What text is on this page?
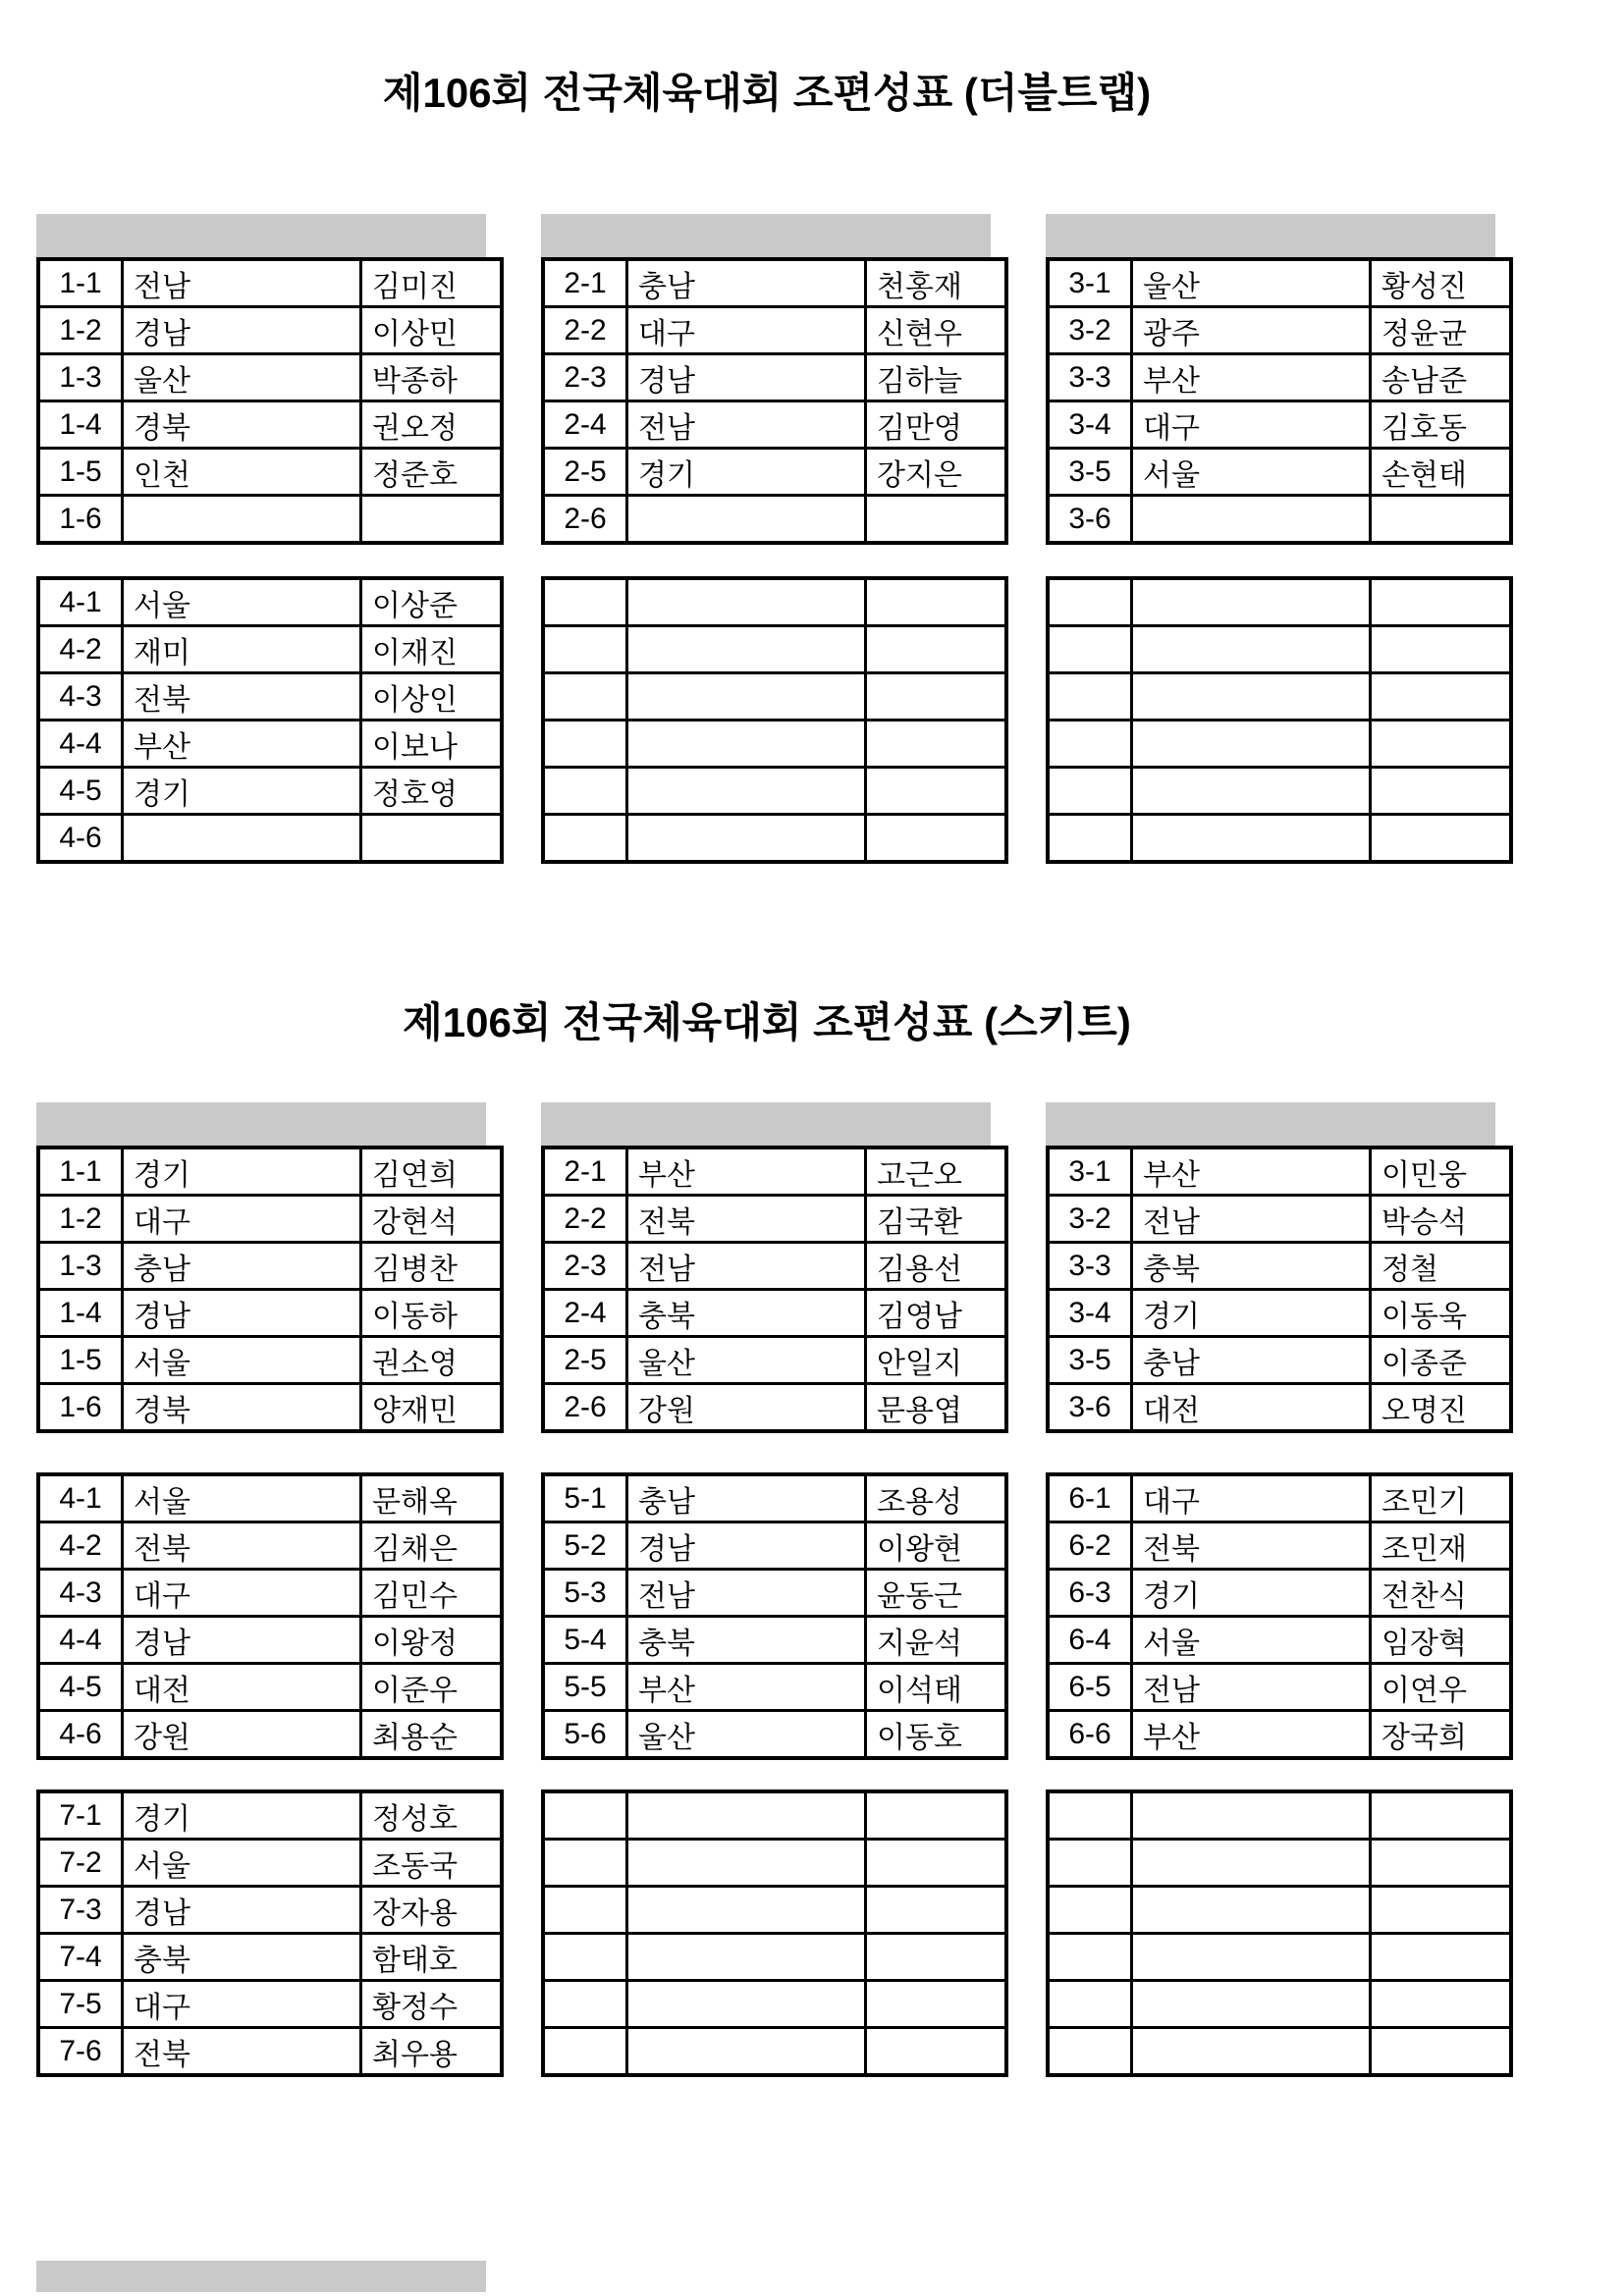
제106회 전국체육대회 조편성표 (더블트랩)
1-1	전남	김미진
1-2	경남	이상민
1-3	울산	박종하
1-4	경북	권오정
1-5	인천	정준호
1-6		
2-1	충남	천홍재
2-2	대구	신현우
2-3	경남	김하늘
2-4	전남	김만영
2-5	경기	강지은
2-6		
3-1	울산	황성진
3-2	광주	정윤균
3-3	부산	송남준
3-4	대구	김호동
3-5	서울	손현태
3-6		
4-1	서울	이상준
4-2	재미	이재진
4-3	전북	이상인
4-4	부산	이보나
4-5	경기	정호영
4-6		

제106회 전국체육대회 조편성표 (스키트)
1-1	경기	김연희
1-2	대구	강현석
1-3	충남	김병찬
1-4	경남	이동하
1-5	서울	권소영
1-6	경북	양재민
2-1	부산	고근오
2-2	전북	김국환
2-3	전남	김용선
2-4	충북	김영남
2-5	울산	안일지
2-6	강원	문용엽
3-1	부산	이민웅
3-2	전남	박승석
3-3	충북	정철
3-4	경기	이동욱
3-5	충남	이종준
3-6	대전	오명진
4-1	서울	문해옥
4-2	전북	김채은
4-3	대구	김민수
4-4	경남	이왕정
4-5	대전	이준우
4-6	강원	최용순
5-1	충남	조용성
5-2	경남	이왕현
5-3	전남	윤동근
5-4	충북	지윤석
5-5	부산	이석태
5-6	울산	이동호
6-1	대구	조민기
6-2	전북	조민재
6-3	경기	전찬식
6-4	서울	임장혁
6-5	전남	이연우
6-6	부산	장국희
7-1	경기	정성호
7-2	서울	조동국
7-3	경남	장자용
7-4	충북	함태호
7-5	대구	황정수
7-6	전북	최우용
